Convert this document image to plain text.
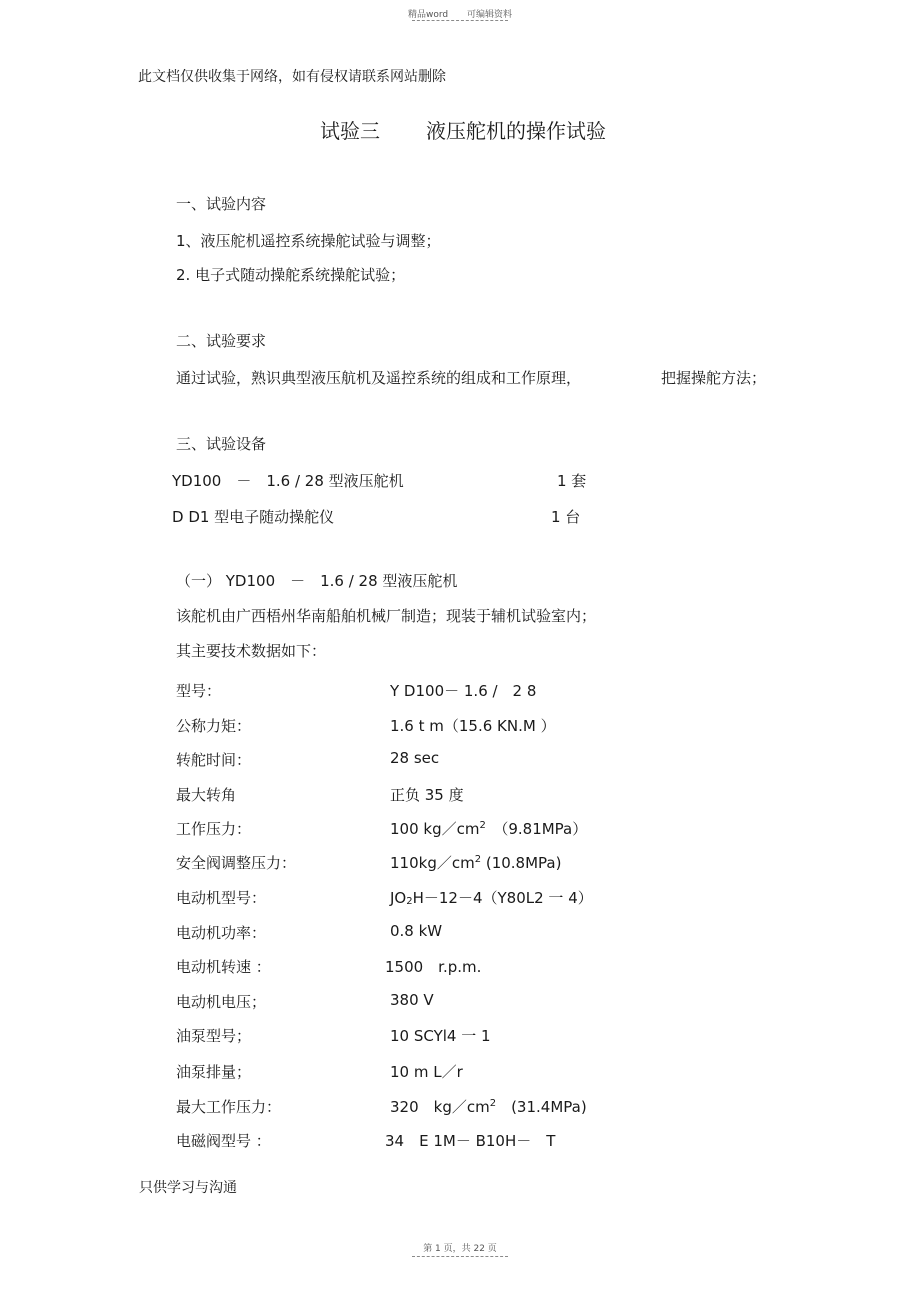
精品word 可编辑资料
此文档仅供收集于网络，如有侵权请联系网站删除
试验三 液压舵机的操作试验
一、试验内容
1、液压舵机遥控系统操舵试验与调整；
2. 电子式随动操舵系统操舵试验；
二、试验要求
通过试验，熟识典型液压航机及遥控系统的组成和工作原理，	把握操舵方法；
三、试验设备
YD100　－　1.6 / 28 型液压舵机	1 套
D D1 型电子随动操舵仪	1 台
（一） YD100　－　1.6 / 28 型液压舵机
该舵机由广西梧州华南船舶机械厂制造；现装于辅机试验室内；
其主要技术数据如下：
型号：	Y D100－ 1.6 /　2 8
公称力矩：	1.6 t m（15.6 KN.M ）
转舵时间：	28 sec
最大转角	正负 35 度
工作压力：	100 $kg/cm^2$　（9.81MPa）
安全阀调整压力：	$110kg/cm^2$ (10.8MPa)
电动机型号：	$JO_2H-12-4(Y80L2$ 一 4）
电动机功率：	0.8 kW
电动机转速 ：	1500　r.p.m.
电动机电压；	380 V
油泵型号；	10 SCYl4 一 1
油泵排量；	10 m L／r
最大工作压力：	320　$kg/cm^2$　(31.4MPa)
电磁阀型号 ：	34　E 1M－ B10H－　T
只供学习与沟通
第 1 页，共 22 页
